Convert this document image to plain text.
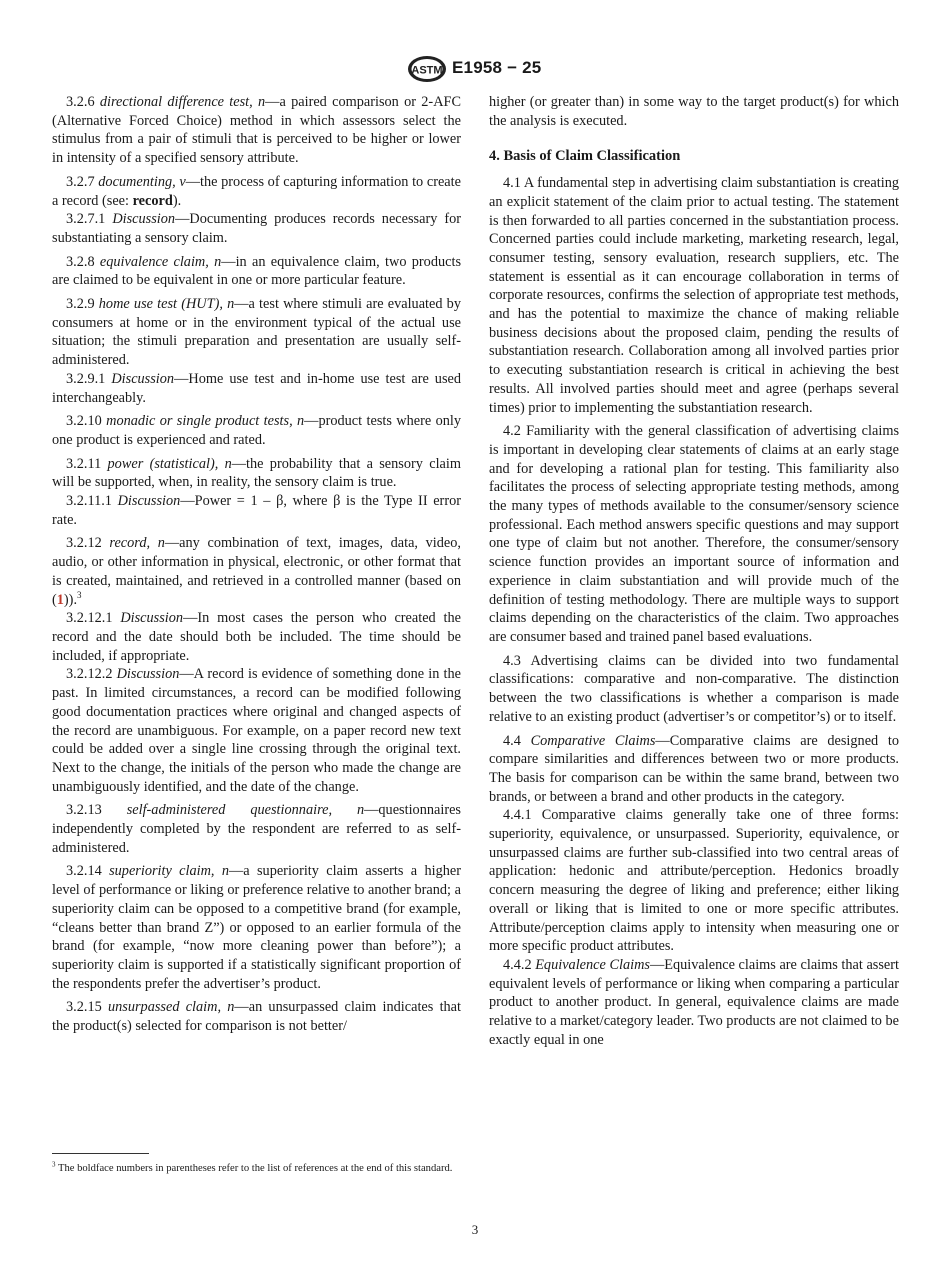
ASTM E1958 − 25

3.2.6 directional difference test, n—a paired comparison or 2-AFC (Alternative Forced Choice) method in which assessors select the stimulus from a pair of stimuli that is perceived to be higher or lower in intensity of a specified sensory attribute.

3.2.7 documenting, v—the process of capturing information to create a record (see: record).

3.2.7.1 Discussion—Documenting produces records necessary for substantiating a sensory claim.

3.2.8 equivalence claim, n—in an equivalence claim, two products are claimed to be equivalent in one or more particular feature.

3.2.9 home use test (HUT), n—a test where stimuli are evaluated by consumers at home or in the environment typical of the actual use situation; the stimuli preparation and presentation are usually self-administered.

3.2.9.1 Discussion—Home use test and in-home use test are used interchangeably.

3.2.10 monadic or single product tests, n—product tests where only one product is experienced and rated.

3.2.11 power (statistical), n—the probability that a sensory claim will be supported, when, in reality, the sensory claim is true.

3.2.11.1 Discussion—Power = 1 – β, where β is the Type II error rate.

3.2.12 record, n—any combination of text, images, data, video, audio, or other information in physical, electronic, or other format that is created, maintained, and retrieved in a controlled manner (based on (1)).$^3$

3.2.12.1 Discussion—In most cases the person who created the record and the date should both be included. The time should be included, if appropriate.

3.2.12.2 Discussion—A record is evidence of something done in the past. In limited circumstances, a record can be modified following good documentation practices where original and changed aspects of the record are unambiguous. For example, on a paper record new text could be added over a single line crossing through the original text. Next to the change, the initials of the person who made the change are unambiguously identified, and the date of the change.

3.2.13 self-administered questionnaire, n—questionnaires independently completed by the respondent are referred to as self-administered.

3.2.14 superiority claim, n—a superiority claim asserts a higher level of performance or liking or preference relative to another brand; a superiority claim can be opposed to a competitive brand (for example, “cleans better than brand Z”) or opposed to an earlier formula of the brand (for example, “now more cleaning power than before”); a superiority claim is supported if a statistically significant proportion of the respondents prefer the advertiser’s product.

3.2.15 unsurpassed claim, n—an unsurpassed claim indicates that the product(s) selected for comparison is not better/

higher (or greater than) in some way to the target product(s) for which the analysis is executed.

4. Basis of Claim Classification

4.1 A fundamental step in advertising claim substantiation is creating an explicit statement of the claim prior to actual testing. The statement is then forwarded to all parties concerned in the substantiation process. Concerned parties could include marketing, marketing research, legal, consumer testing, sensory evaluation, research suppliers, etc. The statement is essential as it can encourage collaboration in terms of corporate resources, confirms the selection of appropriate test methods, and has the potential to maximize the chance of making reliable business decisions about the proposed claim, pending the results of substantiation research. Collaboration among all involved parties prior to executing substantiation research is critical in achieving the best results. All involved parties should meet and agree (perhaps several times) prior to implementing the substantiation research.

4.2 Familiarity with the general classification of advertising claims is important in developing clear statements of claims at an early stage and for developing a rational plan for testing. This familiarity also facilitates the process of selecting appropriate testing methods, among the many types of methods available to the consumer/sensory science professional. Each method answers specific questions and may support one type of claim but not another. Therefore, the consumer/sensory science function provides an important source of information and experience in claim substantiation and will provide much of the definition of testing methodology. There are multiple ways to support claims depending on the characteristics of the claim. Two approaches are consumer based and trained panel based evaluations.

4.3 Advertising claims can be divided into two fundamental classifications: comparative and non-comparative. The distinction between the two classifications is whether a comparison is made relative to an existing product (advertiser’s or competitor’s) or to itself.

4.4 Comparative Claims—Comparative claims are designed to compare similarities and differences between two or more products. The basis for comparison can be within the same brand, between two brands, or between a brand and other products in the category.

4.4.1 Comparative claims generally take one of three forms: superiority, equivalence, or unsurpassed. Superiority, equivalence, or unsurpassed claims are further sub-classified into two central areas of application: hedonic and attribute/perception. Hedonics broadly concern measuring the degree of liking and preference; either liking overall or liking that is limited to one or more specific attributes. Attribute/perception claims apply to intensity when measuring one or more specific product attributes.

4.4.2 Equivalence Claims—Equivalence claims are claims that assert equivalent levels of performance or liking when comparing a particular product to another product. In general, equivalence claims are made relative to a market/category leader. Two products are not claimed to be exactly equal in one

$^3$ The boldface numbers in parentheses refer to the list of references at the end of this standard.
3
